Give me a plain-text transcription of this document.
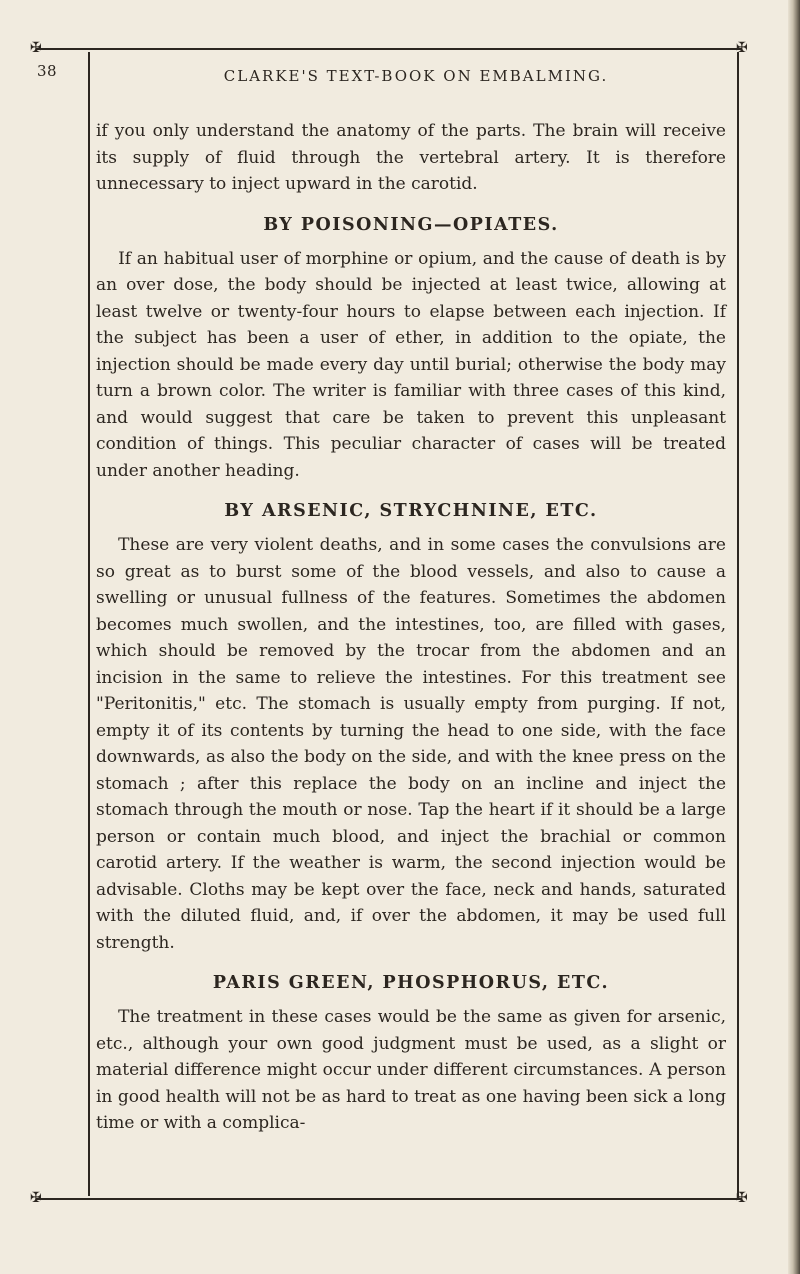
✠	✠
✠	✠
38	CLARKE'S TEXT-BOOK ON EMBALMING.

if you only understand the anatomy of the parts. The brain will receive its supply of fluid through the vertebral artery. It is therefore unnecessary to inject upward in the carotid.

BY POISONING—OPIATES.

If an habitual user of morphine or opium, and the cause of death is by an over dose, the body should be injected at least twice, allowing at least twelve or twenty-four hours to elapse between each injection. If the subject has been a user of ether, in addition to the opiate, the injection should be made every day until burial; otherwise the body may turn a brown color. The writer is familiar with three cases of this kind, and would suggest that care be taken to prevent this unpleasant condition of things. This peculiar character of cases will be treated under another heading.

BY ARSENIC, STRYCHNINE, ETC.

These are very violent deaths, and in some cases the convulsions are so great as to burst some of the blood vessels, and also to cause a swelling or unusual fullness of the features. Sometimes the abdomen becomes much swollen, and the intestines, too, are filled with gases, which should be removed by the trocar from the abdomen and an incision in the same to relieve the intestines. For this treatment see "Peritonitis," etc. The stomach is usually empty from purging. If not, empty it of its contents by turning the head to one side, with the face downwards, as also the body on the side, and with the knee press on the stomach ; after this replace the body on an incline and inject the stomach through the mouth or nose. Tap the heart if it should be a large person or contain much blood, and inject the brachial or common carotid artery. If the weather is warm, the second injection would be advisable. Cloths may be kept over the face, neck and hands, saturated with the diluted fluid, and, if over the abdomen, it may be used full strength.

PARIS GREEN, PHOSPHORUS, ETC.

The treatment in these cases would be the same as given for arsenic, etc., although your own good judgment must be used, as a slight or material difference might occur under different circumstances. A person in good health will not be as hard to treat as one having been sick a long time or with a complica-
